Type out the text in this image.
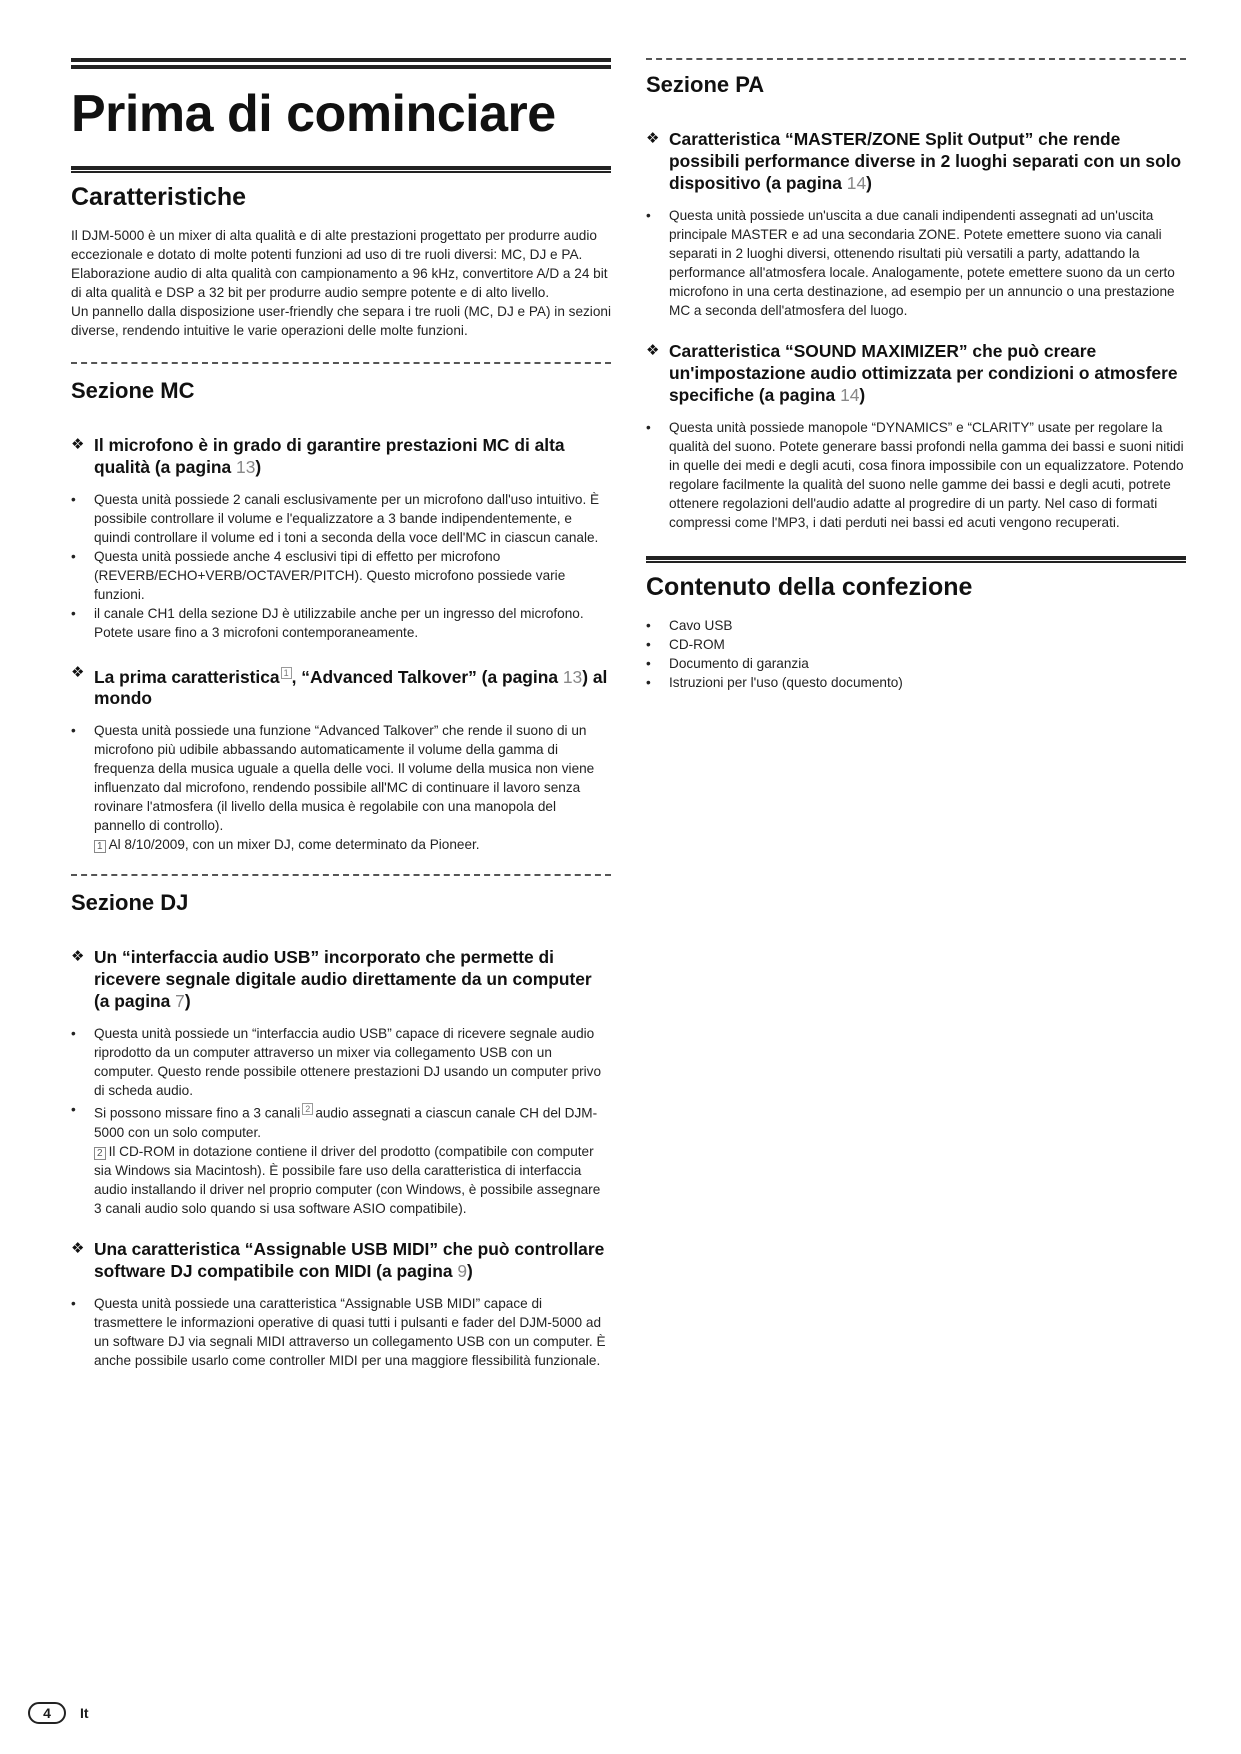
Prima di cominciare
Caratteristiche

Il DJM-5000 è un mixer di alta qualità e di alte prestazioni progettato per produrre audio eccezionale e dotato di molte potenti funzioni ad uso di tre ruoli diversi: MC, DJ e PA.

Elaborazione audio di alta qualità con campionamento a 96 kHz, convertitore A/D a 24 bit di alta qualità e DSP a 32 bit per produrre audio sempre potente e di alto livello.

Un pannello dalla disposizione user-friendly che separa i tre ruoli (MC, DJ e PA) in sezioni diverse, rendendo intuitive le varie operazioni delle molte funzioni.

Sezione MC
❖ Il microfono è in grado di garantire prestazioni MC di alta qualità (a pagina 13)
• Questa unità possiede 2 canali esclusivamente per un microfono dall'uso intuitivo. È possibile controllare il volume e l'equalizzatore a 3 bande indipendentemente, e quindi controllare il volume ed i toni a seconda della voce dell'MC in ciascun canale.
• Questa unità possiede anche 4 esclusivi tipi di effetto per microfono (REVERB/ECHO+VERB/OCTAVER/PITCH). Questo microfono possiede varie funzioni.
• il canale CH1 della sezione DJ è utilizzabile anche per un ingresso del microfono. Potete usare fino a 3 microfoni contemporaneamente.
❖ La prima caratteristica $^1$ , “Advanced Talkover” (a pagina 13) al mondo
• Questa unità possiede una funzione “Advanced Talkover” che rende il suono di un microfono più udibile abbassando automaticamente il volume della gamma di frequenza della musica uguale a quella delle voci. Il volume della musica non viene influenzato dal microfono, rendendo possibile all'MC di continuare il lavoro senza rovinare l'atmosfera (il livello della musica è regolabile con una manopola del pannello di controllo).
1 Al 8/10/2009, con un mixer DJ, come determinato da Pioneer.
Sezione DJ
❖ Un “interfaccia audio USB” incorporato che permette di ricevere segnale digitale audio direttamente da un computer (a pagina 7)
• Questa unità possiede un “interfaccia audio USB” capace di ricevere segnale audio riprodotto da un computer attraverso un mixer via collegamento USB con un computer. Questo rende possibile ottenere prestazioni DJ usando un computer privo di scheda audio.
• Si possono missare fino a 3 canali $^2$ audio assegnati a ciascun canale CH del DJM-5000 con un solo computer.
2 Il CD-ROM in dotazione contiene il driver del prodotto (compatibile con computer sia Windows sia Macintosh). È possibile fare uso della caratteristica di interfaccia audio installando il driver nel proprio computer (con Windows, è possibile assegnare 3 canali audio solo quando si usa software ASIO compatibile).
❖ Una caratteristica “Assignable USB MIDI” che può controllare software DJ compatibile con MIDI (a pagina 9)
• Questa unità possiede una caratteristica “Assignable USB MIDI” capace di trasmettere le informazioni operative di quasi tutti i pulsanti e fader del DJM-5000 ad un software DJ via segnali MIDI attraverso un collegamento USB con un computer. È anche possibile usarlo come controller MIDI per una maggiore flessibilità funzionale.
Sezione PA
❖ Caratteristica “MASTER/ZONE Split Output” che rende possibili performance diverse in 2 luoghi separati con un solo dispositivo (a pagina 14)
• Questa unità possiede un'uscita a due canali indipendenti assegnati ad un'uscita principale MASTER e ad una secondaria ZONE. Potete emettere suono via canali separati in 2 luoghi diversi, ottenendo risultati più versatili a party, adattando la performance all'atmosfera locale. Analogamente, potete emettere suono da un certo microfono in una certa destinazione, ad esempio per un annuncio o una prestazione MC a seconda dell'atmosfera del luogo.
❖ Caratteristica “SOUND MAXIMIZER” che può creare un'impostazione audio ottimizzata per condizioni o atmosfere specifiche (a pagina 14)
• Questa unità possiede manopole “DYNAMICS” e “CLARITY” usate per regolare la qualità del suono. Potete generare bassi profondi nella gamma dei bassi e suoni nitidi in quelle dei medi e degli acuti, cosa finora impossibile con un equalizzatore. Potendo regolare facilmente la qualità del suono nelle gamme dei bassi e degli acuti, potrete ottenere regolazioni dell'audio adatte al progredire di un party. Nel caso di formati compressi come l'MP3, i dati perduti nei bassi ed acuti vengono recuperati.
Contenuto della confezione
• Cavo USB
• CD-ROM
• Documento di garanzia
• Istruzioni per l'uso (questo documento)
4	It
